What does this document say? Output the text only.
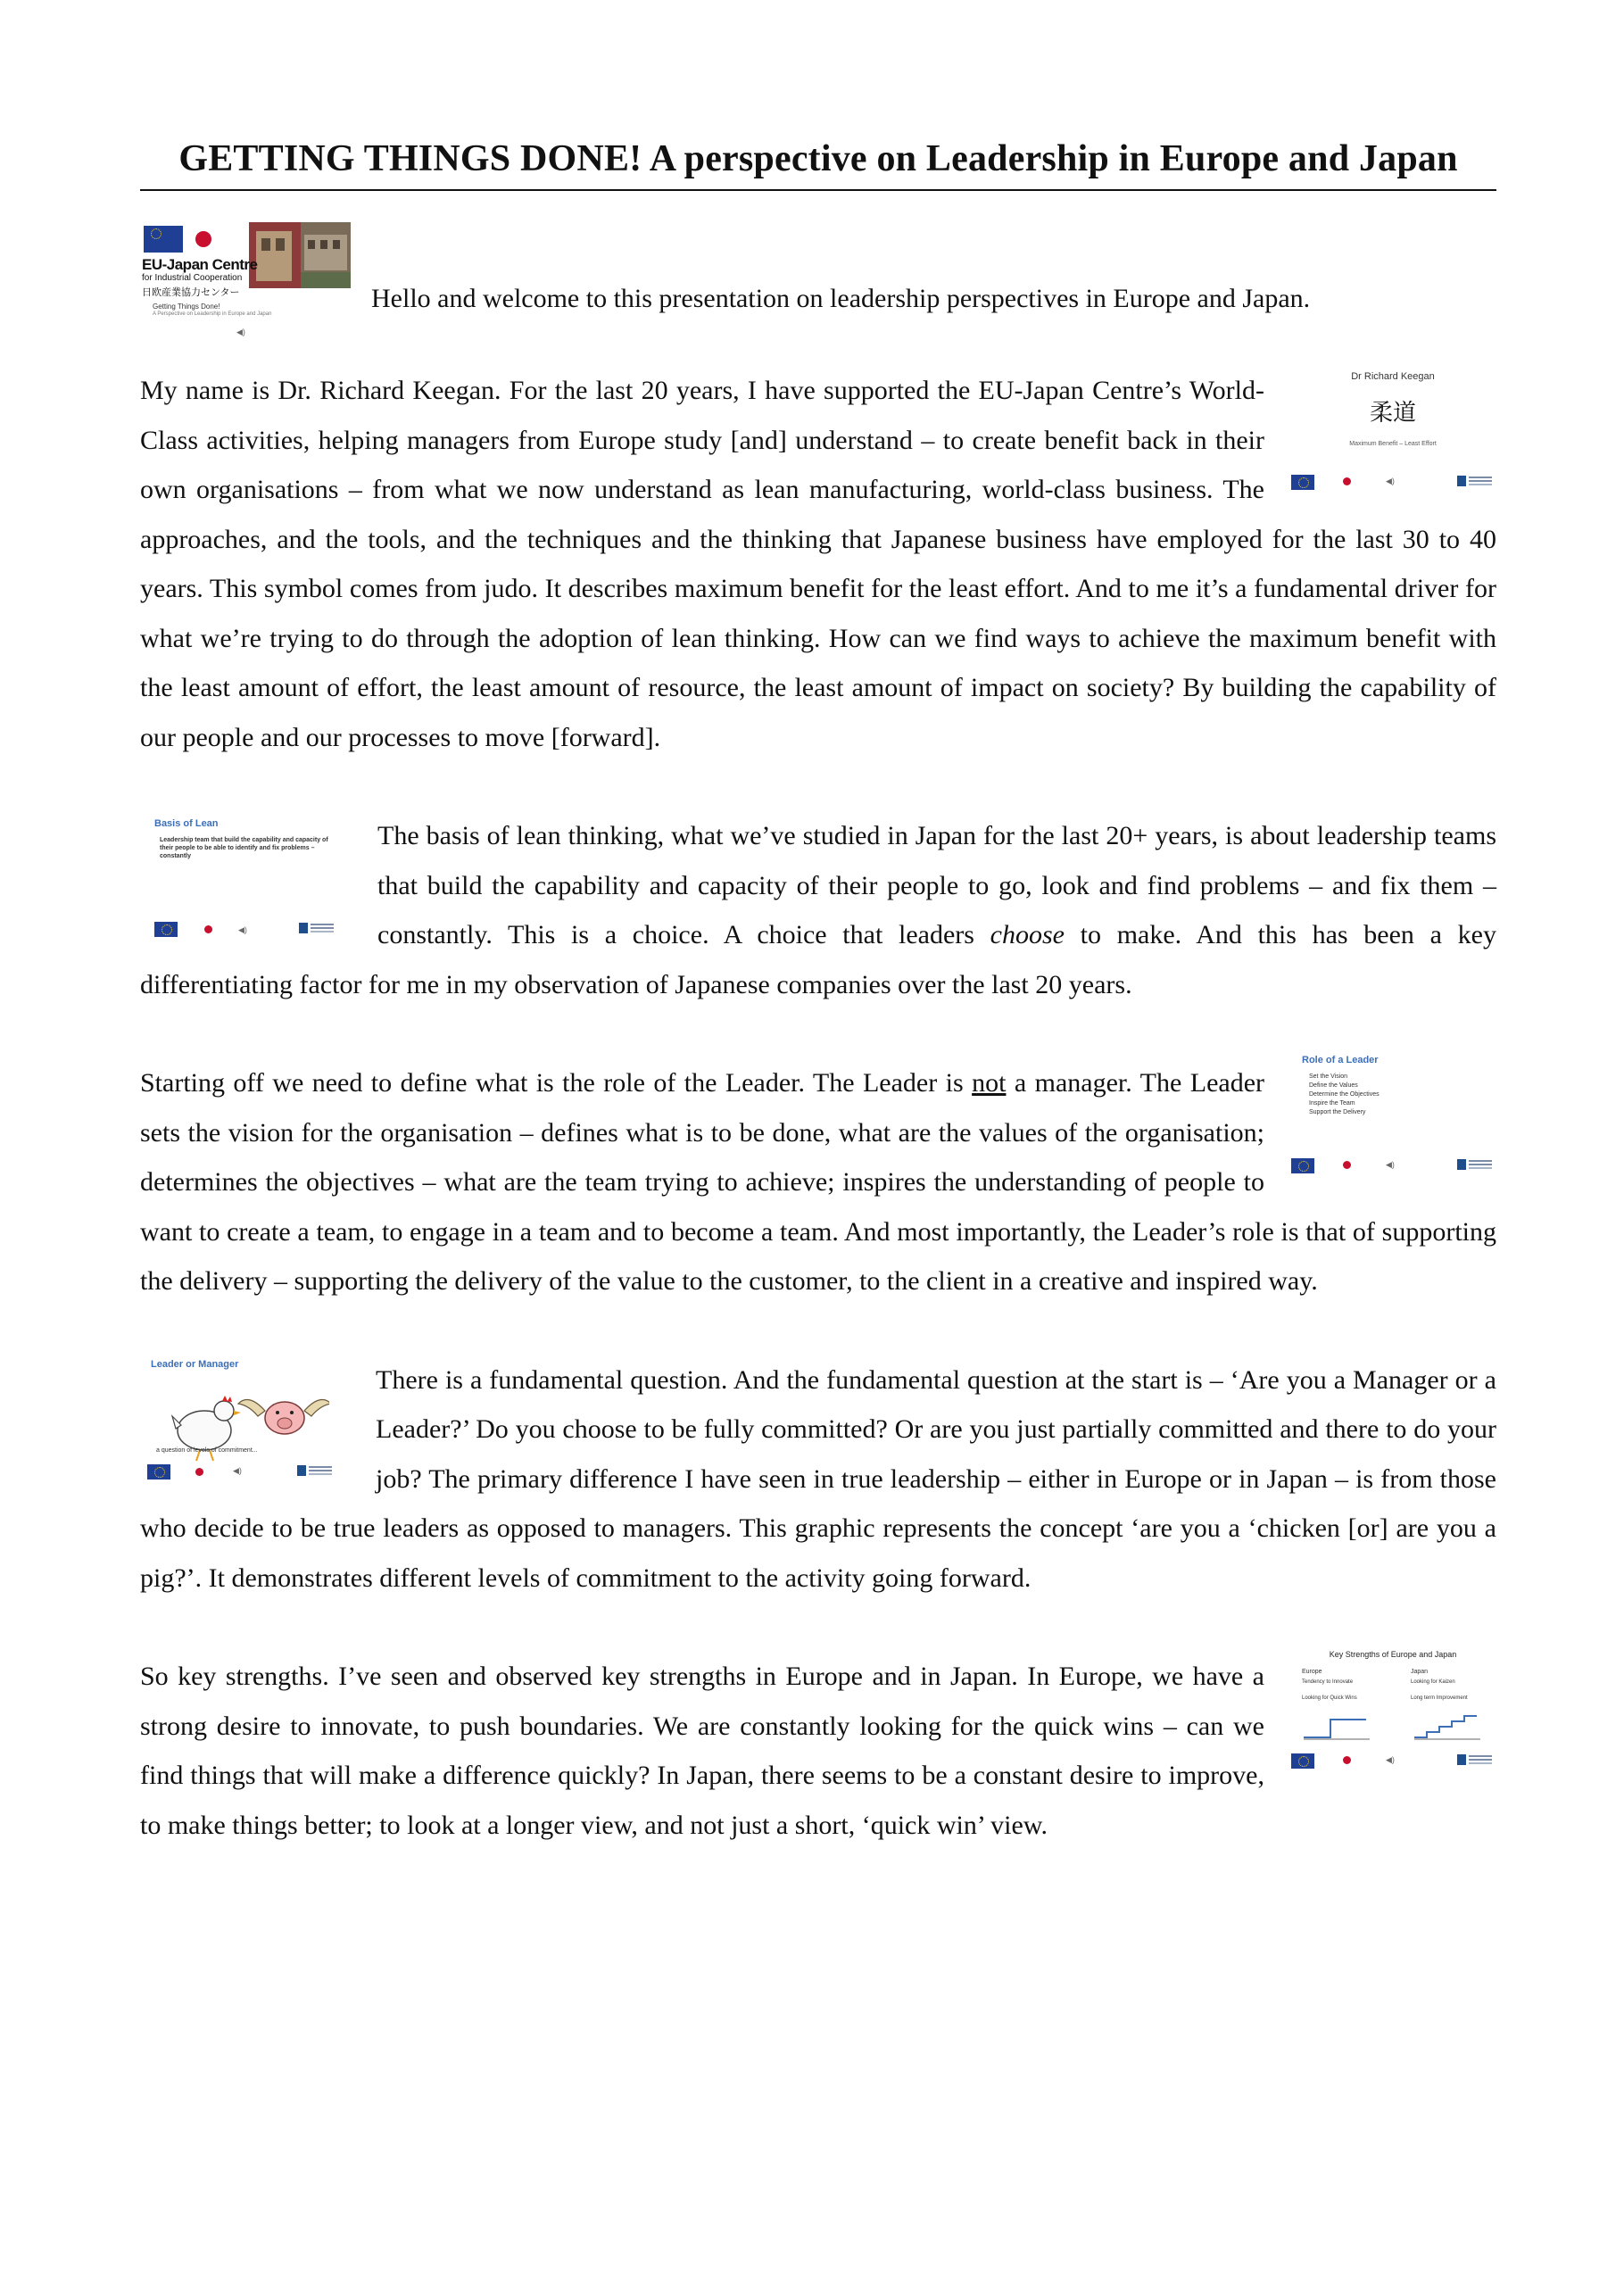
GETTING THINGS DONE! A perspective on Leadership in Europe and Japan
EU-Japan Centre
for Industrial Cooperation
日欧産業協力センター
Getting Things Done!
A Perspective on Leadership in Europe and Japan
◀)

Hello and welcome to this presentation on leadership perspectives in Europe and Japan.

Dr Richard Keegan
柔道
Maximum Benefit – Least Effort
◀)

My name is Dr. Richard Keegan. For the last 20 years, I have supported the EU-Japan Centre’s World-Class activities, helping managers from Europe study [and] understand – to create benefit back in their own organisations – from what we now understand as lean manufacturing, world-class business. The approaches, and the tools, and the techniques and the thinking that Japanese business have employed for the last 30 to 40 years. This symbol comes from judo. It describes maximum benefit for the least effort. And to me it’s a fundamental driver for what we’re trying to do through the adoption of lean thinking. How can we find ways to achieve the maximum benefit with the least amount of effort, the least amount of resource, the least amount of impact on society? By building the capability of our people and our processes to move [forward].

Basis of Lean
Leadership team that build the capability and capacity of their people to be able to identify and fix problems – constantly
◀)

The basis of lean thinking, what we’ve studied in Japan for the last 20+ years, is about leadership teams that build the capability and capacity of their people to go, look and find problems – and fix them – constantly. This is a choice. A choice that leaders choose to make. And this has been a key differentiating factor for me in my observation of Japanese companies over the last 20 years.

Role of a Leader
Set the Vision
Define the Values
Determine the Objectives
Inspire the Team
Support the Delivery
◀)

Starting off we need to define what is the role of the Leader. The Leader is not a manager. The Leader sets the vision for the organisation – defines what is to be done, what are the values of the organisation; determines the objectives – what are the team trying to achieve; inspires the understanding of people to want to create a team, to engage in a team and to become a team. And most importantly, the Leader’s role is that of supporting the delivery – supporting the delivery of the value to the customer, to the client in a creative and inspired way.

Leader or Manager
a question of levels of commitment...
◀)

There is a fundamental question. And the fundamental question at the start is – ‘Are you a Manager or a Leader?’ Do you choose to be fully committed? Or are you just partially committed and there to do your job? The primary difference I have seen in true leadership – either in Europe or in Japan – is from those who decide to be true leaders as opposed to managers. This graphic represents the concept ‘are you a ‘chicken [or] are you a pig?’. It demonstrates different levels of commitment to the activity going forward.

Key Strengths of Europe and Japan
Europe
Tendency to Innovate
Looking for Quick Wins
Japan
Looking for Kaizen
Long term Improvement
◀)

So key strengths. I’ve seen and observed key strengths in Europe and in Japan. In Europe, we have a strong desire to innovate, to push boundaries. We are constantly looking for the quick wins – can we find things that will make a difference quickly? In Japan, there seems to be a constant desire to improve, to make things better; to look at a longer view, and not just a short, ‘quick win’ view.
